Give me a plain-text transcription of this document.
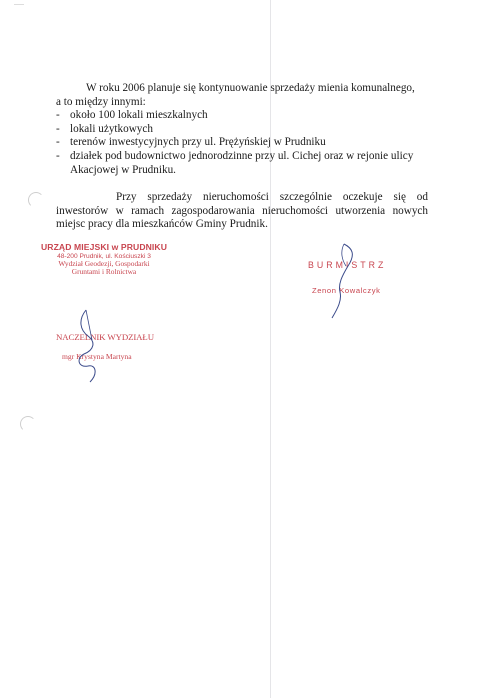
W roku 2006 planuje się kontynuowanie sprzedaży mienia komunalnego,
a to między innymi:

- około 100 lokali mieszkalnych
- lokali użytkowych
- terenów inwestycyjnych przy ul. Prężyńskiej w Prudniku
- działek pod budownictwo jednorodzinne przy ul. Cichej oraz w rejonie ulicy Akacjowej w Prudniku.

Przy sprzedaży nieruchomości szczególnie oczekuje się od inwestorów w ramach zagospodarowania nieruchomości utworzenia nowych miejsc pracy dla mieszkańców Gminy Prudnik.

URZĄD MIEJSKI w PRUDNIKU
48-200 Prudnik, ul. Kościuszki 3
Wydział Geodezji, Gospodarki
Gruntami i Rolnictwa
BURMISTRZ
Zenon Kowalczyk
NACZELNIK WYDZIAŁU
mgr Krystyna Martyna
